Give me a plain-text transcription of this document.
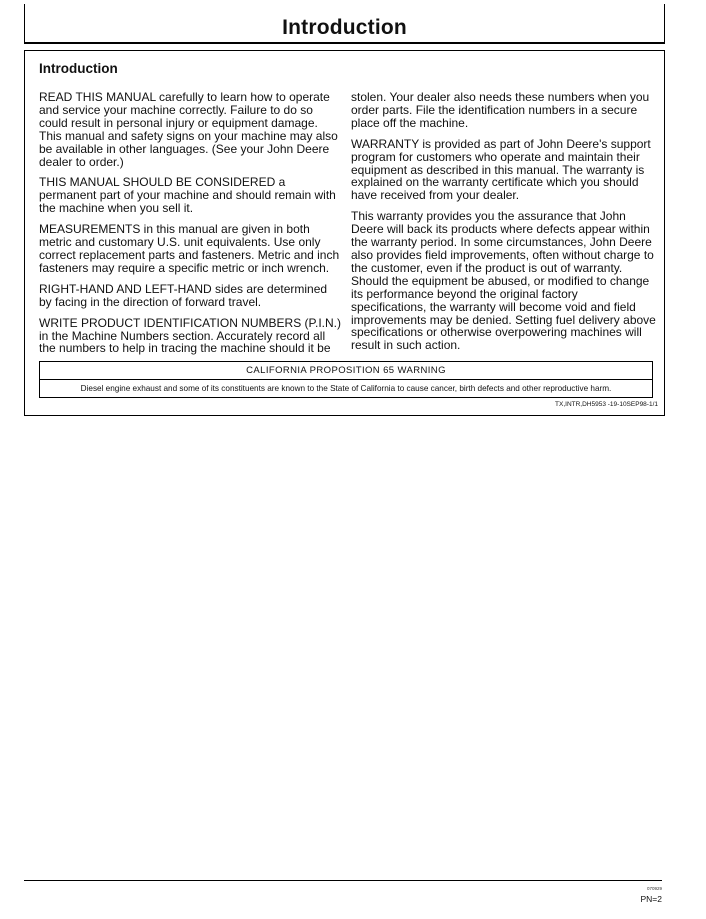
Introduction
Introduction

READ THIS MANUAL carefully to learn how to operate and service your machine correctly. Failure to do so could result in personal injury or equipment damage. This manual and safety signs on your machine may also be available in other languages. (See your John Deere dealer to order.)

THIS MANUAL SHOULD BE CONSIDERED a permanent part of your machine and should remain with the machine when you sell it.

MEASUREMENTS in this manual are given in both metric and customary U.S. unit equivalents. Use only correct replacement parts and fasteners. Metric and inch fasteners may require a specific metric or inch wrench.

RIGHT-HAND AND LEFT-HAND sides are determined by facing in the direction of forward travel.

WRITE PRODUCT IDENTIFICATION NUMBERS (P.I.N.) in the Machine Numbers section. Accurately record all the numbers to help in tracing the machine should it be

stolen. Your dealer also needs these numbers when you order parts. File the identification numbers in a secure place off the machine.

WARRANTY is provided as part of John Deere's support program for customers who operate and maintain their equipment as described in this manual. The warranty is explained on the warranty certificate which you should have received from your dealer.

This warranty provides you the assurance that John Deere will back its products where defects appear within the warranty period. In some circumstances, John Deere also provides field improvements, often without charge to the customer, even if the product is out of warranty. Should the equipment be abused, or modified to change its performance beyond the original factory specifications, the warranty will become void and field improvements may be denied. Setting fuel delivery above specifications or otherwise overpowering machines will result in such action.

CALIFORNIA PROPOSITION 65 WARNING
Diesel engine exhaust and some of its constituents are known to the State of California to cause cancer, birth defects and other reproductive harm.
TX,INTR,DH5953 -19-10SEP98-1/1
070929
PN=2
